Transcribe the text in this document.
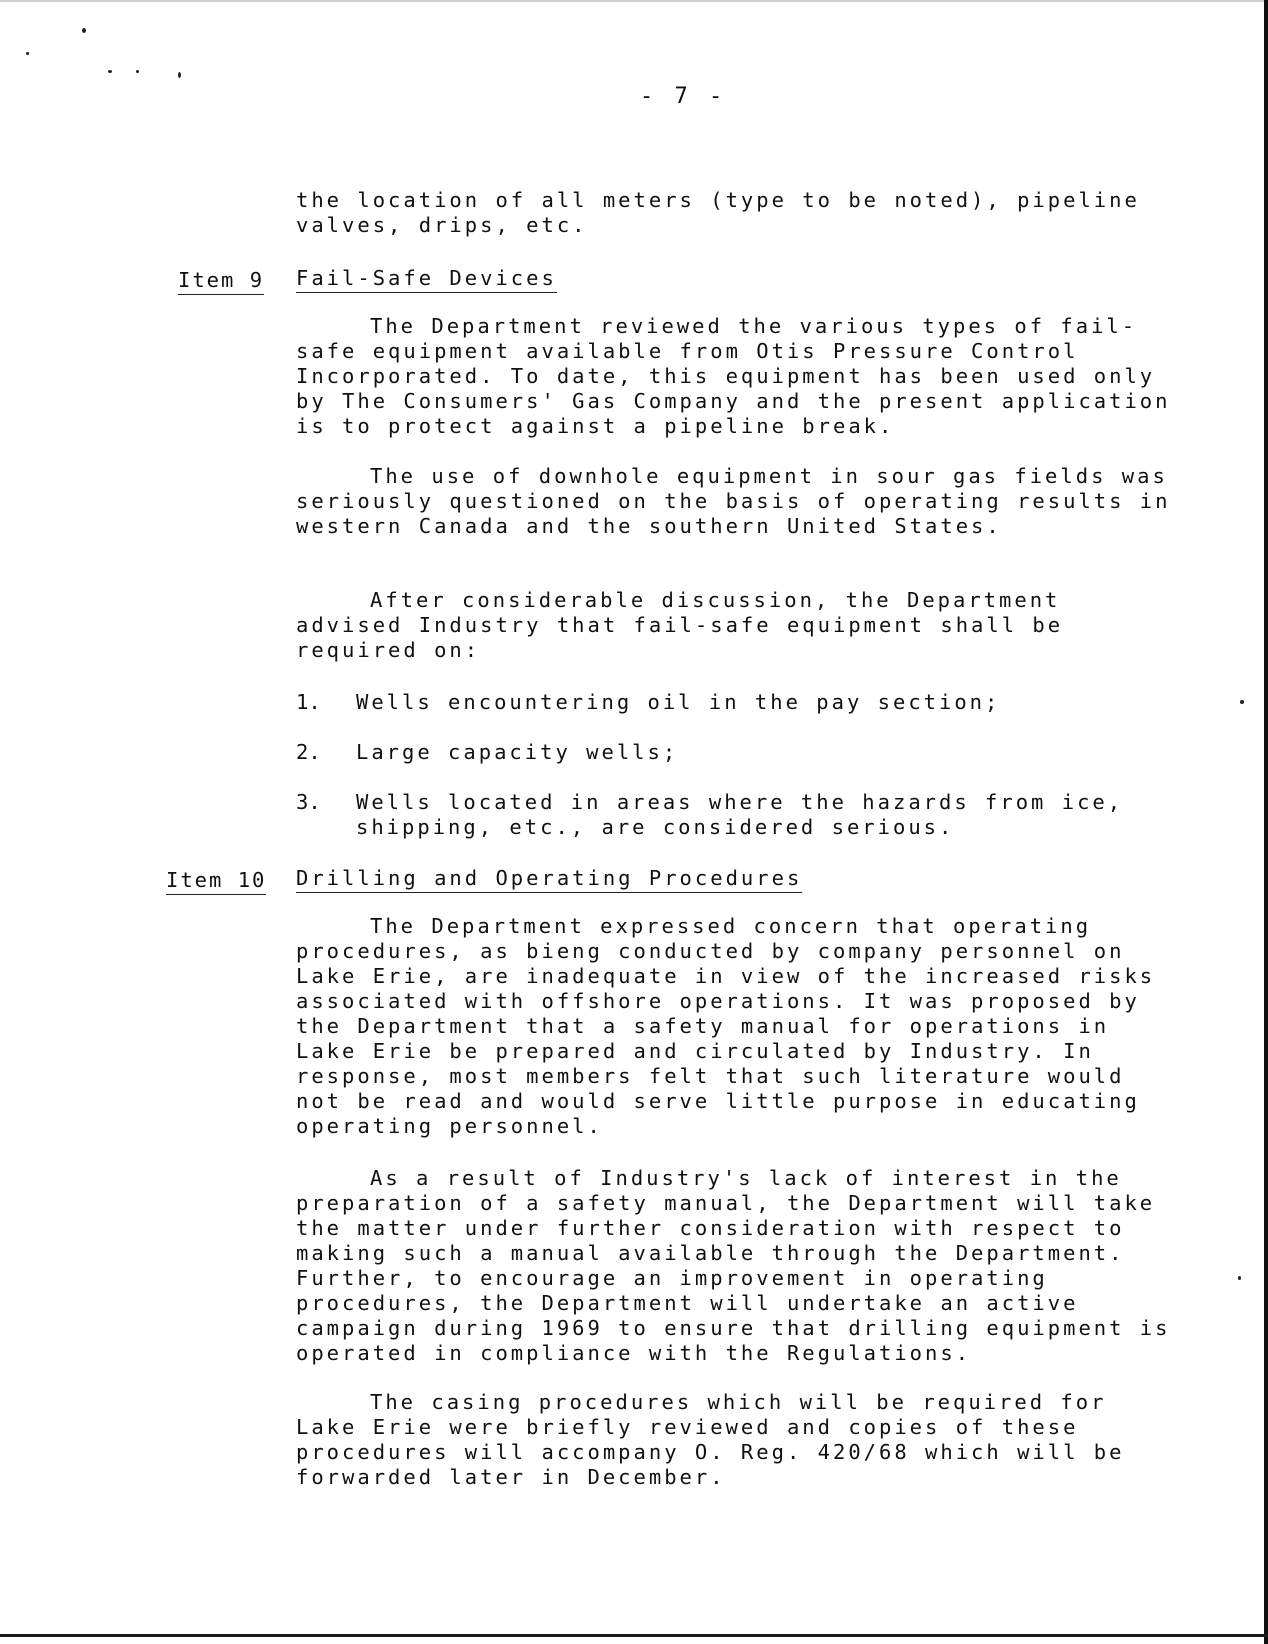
- 7 -
the location of all meters (type to be noted), pipeline valves, drips, etc.
Item 9 Fail-Safe Devices
The Department reviewed the various types of fail-safe equipment available from Otis Pressure Control Incorporated. To date, this equipment has been used only by The Consumers' Gas Company and the present application is to protect against a pipeline break.
The use of downhole equipment in sour gas fields was seriously questioned on the basis of operating results in western Canada and the southern United States.
After considerable discussion, the Department advised Industry that fail-safe equipment shall be required on:
1. Wells encountering oil in the pay section;
2. Large capacity wells;
3. Wells located in areas where the hazards from ice, shipping, etc., are considered serious.
Item 10 Drilling and Operating Procedures
The Department expressed concern that operating procedures, as bieng conducted by company personnel on Lake Erie, are inadequate in view of the increased risks associated with offshore operations. It was proposed by the Department that a safety manual for operations in Lake Erie be prepared and circulated by Industry. In response, most members felt that such literature would not be read and would serve little purpose in educating operating personnel.
As a result of Industry's lack of interest in the preparation of a safety manual, the Department will take the matter under further consideration with respect to making such a manual available through the Department. Further, to encourage an improvement in operating procedures, the Department will undertake an active campaign during 1969 to ensure that drilling equipment is operated in compliance with the Regulations.
The casing procedures which will be required for Lake Erie were briefly reviewed and copies of these procedures will accompany O. Reg. 420/68 which will be forwarded later in December.
